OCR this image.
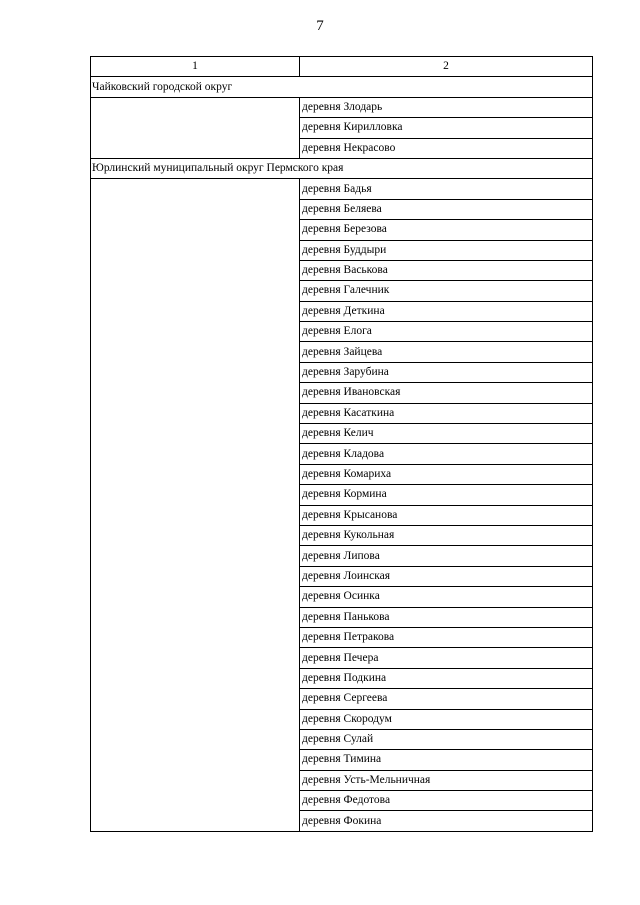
7
1	2
Чайковский городской округ	
	деревня Злодарь
	деревня Кирилловка
	деревня Некрасово
Юрлинский муниципальный округ Пермского края	
	деревня Бадья
	деревня Беляева
	деревня Березова
	деревня Буддыри
	деревня Васькова
	деревня Галечник
	деревня Деткина
	деревня Елога
	деревня Зайцева
	деревня Зарубина
	деревня Ивановская
	деревня Касаткина
	деревня Келич
	деревня Кладова
	деревня Комариха
	деревня Кормина
	деревня Крысанова
	деревня Кукольная
	деревня Липова
	деревня Лоинская
	деревня Осинка
	деревня Панькова
	деревня Петракова
	деревня Печера
	деревня Подкина
	деревня Сергеева
	деревня Скородум
	деревня Сулай
	деревня Тимина
	деревня Усть-Мельничная
	деревня Федотова
	деревня Фокина
